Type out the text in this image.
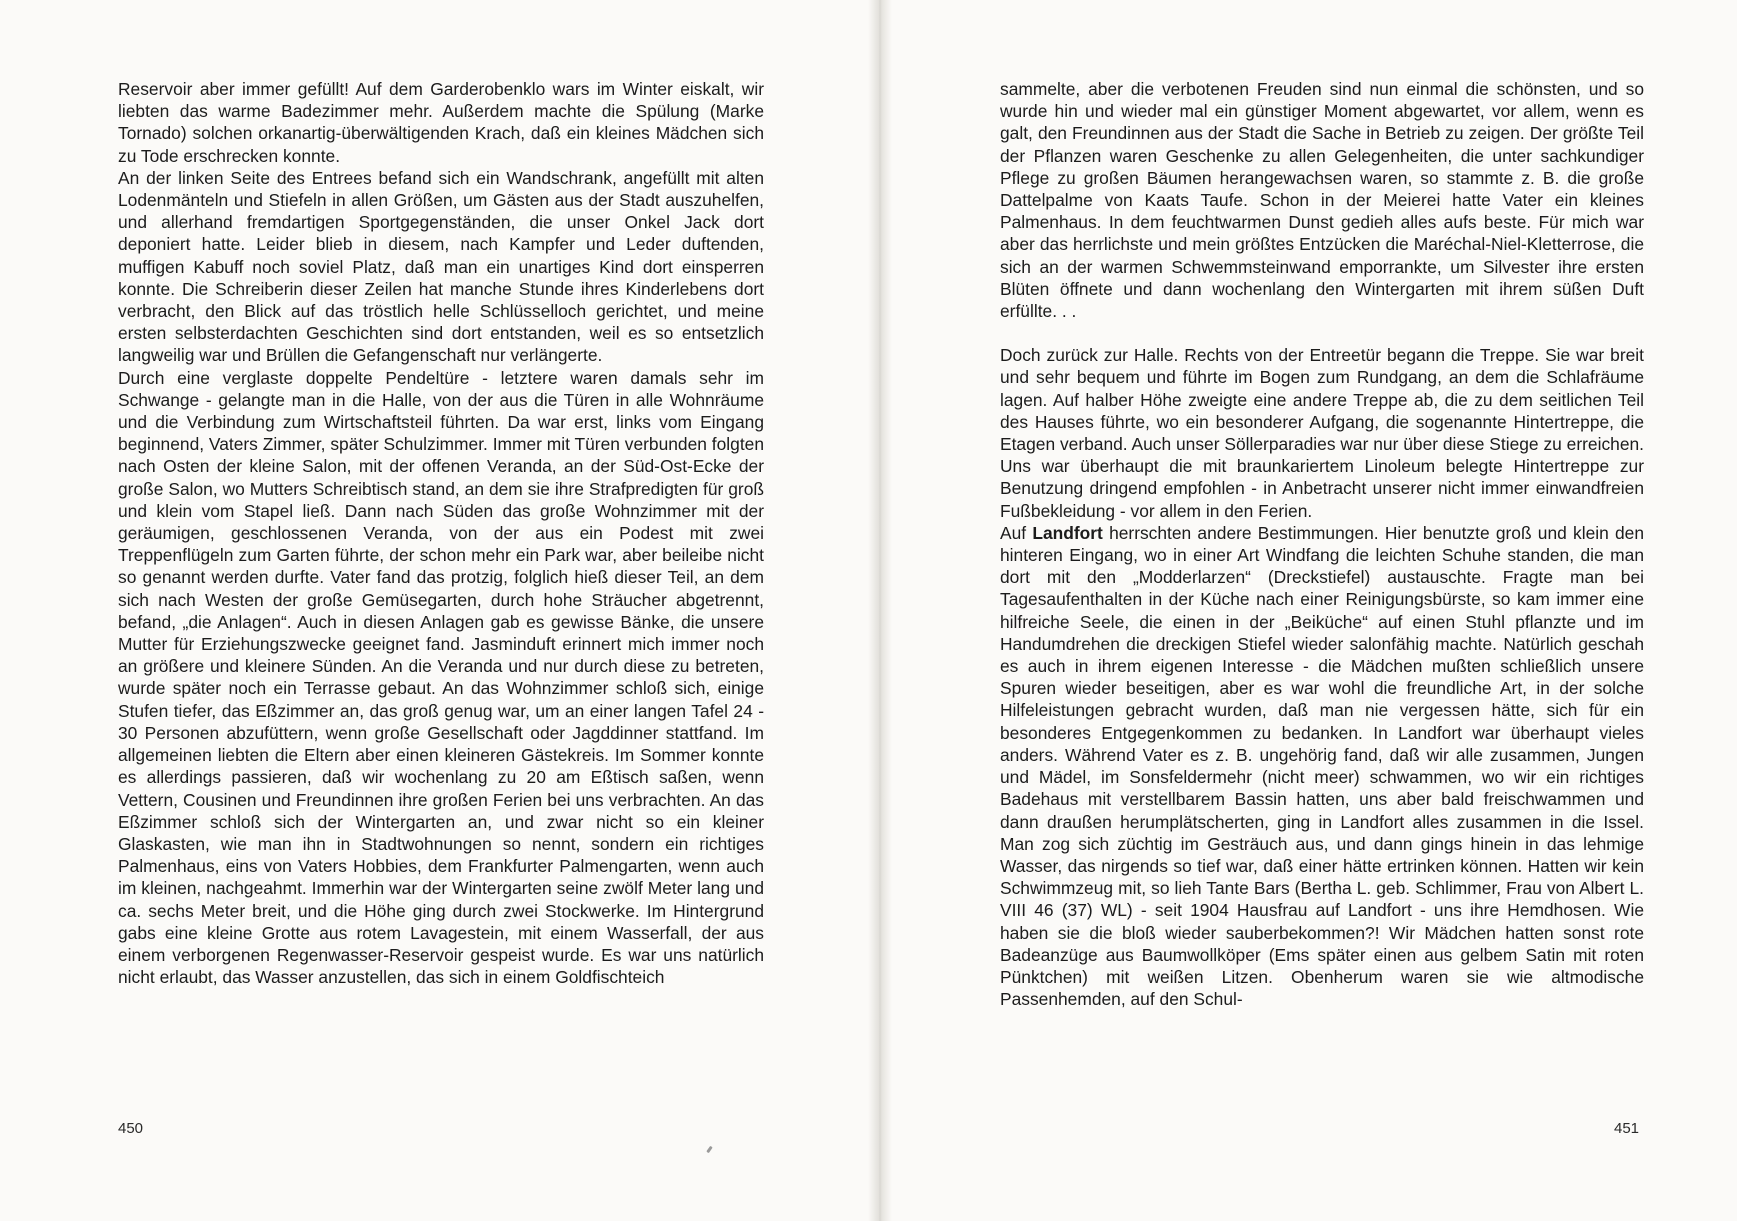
Reservoir aber immer gefüllt! Auf dem Garderobenklo wars im Winter eiskalt, wir liebten das warme Badezimmer mehr. Außerdem machte die Spülung (Marke Tornado) solchen orkanartig-überwältigenden Krach, daß ein kleines Mädchen sich zu Tode erschrecken konnte.

An der linken Seite des Entrees befand sich ein Wandschrank, angefüllt mit alten Lodenmänteln und Stiefeln in allen Größen, um Gästen aus der Stadt auszuhelfen, und allerhand fremdartigen Sportgegenständen, die unser Onkel Jack dort deponiert hatte. Leider blieb in diesem, nach Kampfer und Leder duftenden, muffigen Kabuff noch soviel Platz, daß man ein unartiges Kind dort einsperren konnte. Die Schreiberin dieser Zeilen hat manche Stunde ihres Kinderlebens dort verbracht, den Blick auf das tröstlich helle Schlüsselloch gerichtet, und meine ersten selbsterdachten Geschichten sind dort entstanden, weil es so entsetzlich langweilig war und Brüllen die Gefangenschaft nur verlängerte.

Durch eine verglaste doppelte Pendeltüre - letztere waren damals sehr im Schwange - gelangte man in die Halle, von der aus die Türen in alle Wohnräume und die Verbindung zum Wirtschaftsteil führten. Da war erst, links vom Eingang beginnend, Vaters Zimmer, später Schulzimmer. Immer mit Türen verbunden folgten nach Osten der kleine Salon, mit der offenen Veranda, an der Süd-Ost-Ecke der große Salon, wo Mutters Schreibtisch stand, an dem sie ihre Strafpredigten für groß und klein vom Stapel ließ. Dann nach Süden das große Wohnzimmer mit der geräumigen, geschlossenen Veranda, von der aus ein Podest mit zwei Treppenflügeln zum Garten führte, der schon mehr ein Park war, aber beileibe nicht so genannt werden durfte. Vater fand das protzig, folglich hieß dieser Teil, an dem sich nach Westen der große Gemüsegarten, durch hohe Sträucher abgetrennt, befand, „die Anlagen“. Auch in diesen Anlagen gab es gewisse Bänke, die unsere Mutter für Erziehungszwecke geeignet fand. Jasminduft erinnert mich immer noch an größere und kleinere Sünden. An die Veranda und nur durch diese zu betreten, wurde später noch ein Terrasse gebaut. An das Wohnzimmer schloß sich, einige Stufen tiefer, das Eßzimmer an, das groß genug war, um an einer langen Tafel 24 - 30 Personen abzufüttern, wenn große Gesellschaft oder Jagddinner stattfand. Im allgemeinen liebten die Eltern aber einen kleineren Gästekreis. Im Sommer konnte es allerdings passieren, daß wir wochenlang zu 20 am Eßtisch saßen, wenn Vettern, Cousinen und Freundinnen ihre großen Ferien bei uns verbrachten. An das Eßzimmer schloß sich der Wintergarten an, und zwar nicht so ein kleiner Glaskasten, wie man ihn in Stadtwohnungen so nennt, sondern ein richtiges Palmenhaus, eins von Vaters Hobbies, dem Frankfurter Palmengarten, wenn auch im kleinen, nachgeahmt. Immerhin war der Wintergarten seine zwölf Meter lang und ca. sechs Meter breit, und die Höhe ging durch zwei Stockwerke. Im Hintergrund gabs eine kleine Grotte aus rotem Lavagestein, mit einem Wasserfall, der aus einem verborgenen Regenwasser-Reservoir gespeist wurde. Es war uns natürlich nicht erlaubt, das Wasser anzustellen, das sich in einem Goldfischteich

450

sammelte, aber die verbotenen Freuden sind nun einmal die schönsten, und so wurde hin und wieder mal ein günstiger Moment abgewartet, vor allem, wenn es galt, den Freundinnen aus der Stadt die Sache in Betrieb zu zeigen. Der größte Teil der Pflanzen waren Geschenke zu allen Gelegenheiten, die unter sachkundiger Pflege zu großen Bäumen herangewachsen waren, so stammte z. B. die große Dattelpalme von Kaats Taufe. Schon in der Meierei hatte Vater ein kleines Palmenhaus. In dem feuchtwarmen Dunst gedieh alles aufs beste. Für mich war aber das herrlichste und mein größtes Entzücken die Maréchal-Niel-Kletterrose, die sich an der warmen Schwemmsteinwand emporrankte, um Silvester ihre ersten Blüten öffnete und dann wochenlang den Wintergarten mit ihrem süßen Duft erfüllte. . .

Doch zurück zur Halle. Rechts von der Entreetür begann die Treppe. Sie war breit und sehr bequem und führte im Bogen zum Rundgang, an dem die Schlafräume lagen. Auf halber Höhe zweigte eine andere Treppe ab, die zu dem seitlichen Teil des Hauses führte, wo ein besonderer Aufgang, die sogenannte Hintertreppe, die Etagen verband. Auch unser Söllerparadies war nur über diese Stiege zu erreichen. Uns war überhaupt die mit braunkariertem Linoleum belegte Hintertreppe zur Benutzung dringend empfohlen - in Anbetracht unserer nicht immer einwandfreien Fußbekleidung - vor allem in den Ferien.

Auf Landfort herrschten andere Bestimmungen. Hier benutzte groß und klein den hinteren Eingang, wo in einer Art Windfang die leichten Schuhe standen, die man dort mit den „Modderlarzen“ (Dreckstiefel) austauschte. Fragte man bei Tagesaufenthalten in der Küche nach einer Reinigungsbürste, so kam immer eine hilfreiche Seele, die einen in der „Beiküche“ auf einen Stuhl pflanzte und im Handumdrehen die dreckigen Stiefel wieder salonfähig machte. Natürlich geschah es auch in ihrem eigenen Interesse - die Mädchen mußten schließlich unsere Spuren wieder beseitigen, aber es war wohl die freundliche Art, in der solche Hilfeleistungen gebracht wurden, daß man nie vergessen hätte, sich für ein besonderes Entgegenkommen zu bedanken. In Landfort war überhaupt vieles anders. Während Vater es z. B. ungehörig fand, daß wir alle zusammen, Jungen und Mädel, im Sonsfeldermehr (nicht meer) schwammen, wo wir ein richtiges Badehaus mit verstellbarem Bassin hatten, uns aber bald freischwammen und dann draußen herumplätscherten, ging in Landfort alles zusammen in die Issel. Man zog sich züchtig im Gesträuch aus, und dann gings hinein in das lehmige Wasser, das nirgends so tief war, daß einer hätte ertrinken können. Hatten wir kein Schwimmzeug mit, so lieh Tante Bars (Bertha L. geb. Schlimmer, Frau von Albert L. VIII 46 (37) WL) - seit 1904 Hausfrau auf Landfort - uns ihre Hemdhosen. Wie haben sie die bloß wieder sauberbekommen?! Wir Mädchen hatten sonst rote Badeanzüge aus Baumwollköper (Ems später einen aus gelbem Satin mit roten Pünktchen) mit weißen Litzen. Obenherum waren sie wie altmodische Passenhemden, auf den Schul-

451
